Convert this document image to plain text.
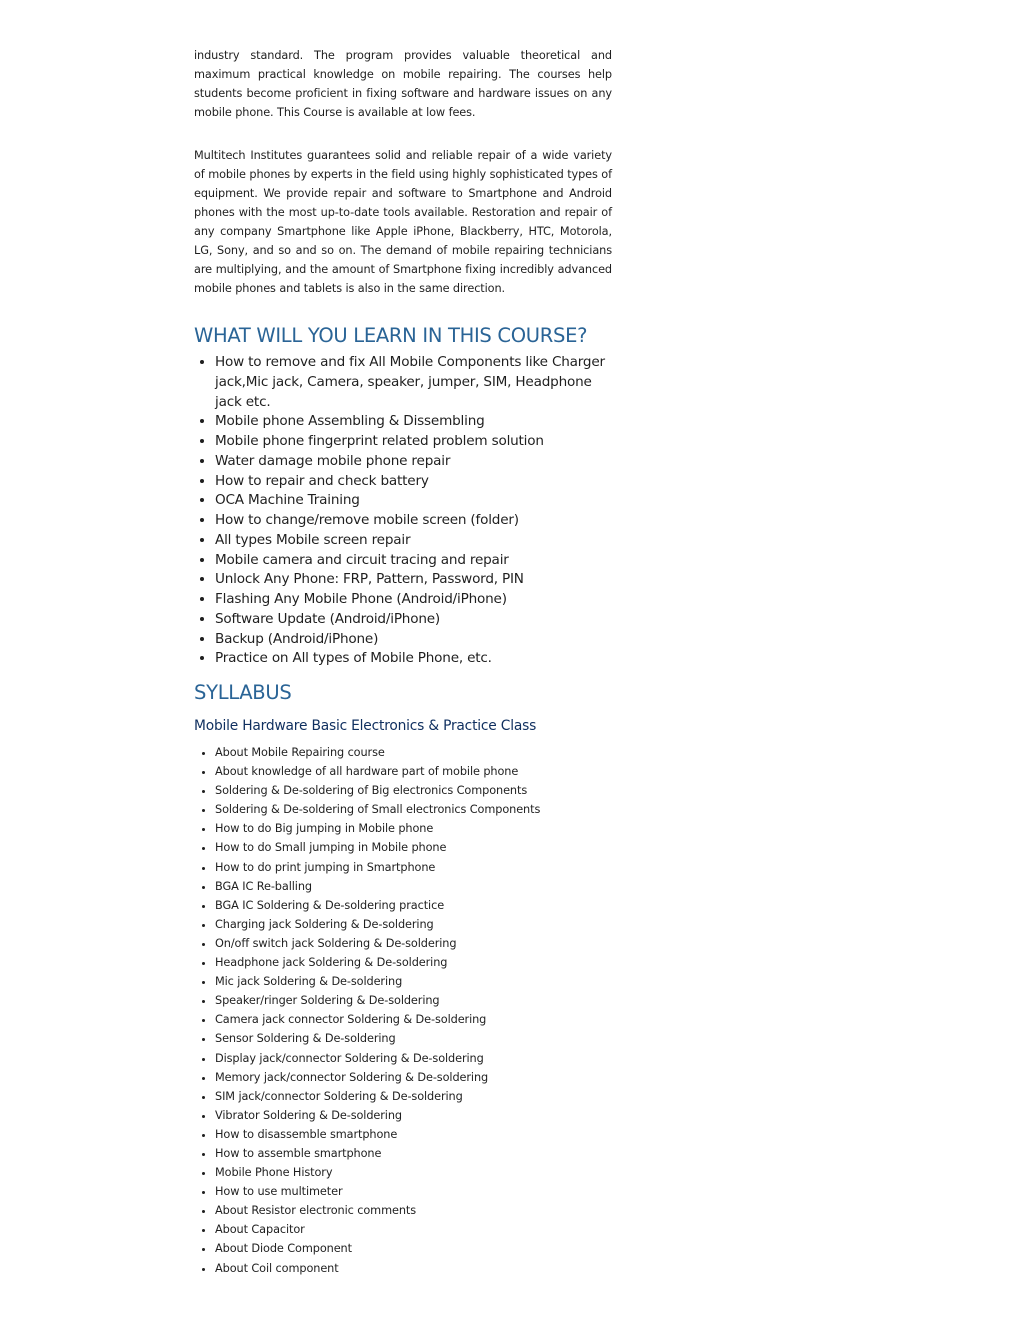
industry standard. The program provides valuable theoretical and maximum practical knowledge on mobile repairing. The courses help students become proficient in fixing software and hardware issues on any mobile phone. This Course is available at low fees.

Multitech Institutes guarantees solid and reliable repair of a wide variety of mobile phones by experts in the field using highly sophisticated types of equipment. We provide repair and software to Smartphone and Android phones with the most up-to-date tools available. Restoration and repair of any company Smartphone like Apple iPhone, Blackberry, HTC, Motorola, LG, Sony, and so and so on. The demand of mobile repairing technicians are multiplying, and the amount of Smartphone fixing incredibly advanced mobile phones and tablets is also in the same direction.

WHAT WILL YOU LEARN IN THIS COURSE?
• How to remove and fix All Mobile Components like Charger jack,Mic jack, Camera, speaker, jumper, SIM, Headphone jack etc.
• Mobile phone Assembling & Dissembling
• Mobile phone fingerprint related problem solution
• Water damage mobile phone repair
• How to repair and check battery
• OCA Machine Training
• How to change/remove mobile screen (folder)
• All types Mobile screen repair
• Mobile camera and circuit tracing and repair
• Unlock Any Phone: FRP, Pattern, Password, PIN
• Flashing Any Mobile Phone (Android/iPhone)
• Software Update (Android/iPhone)
• Backup (Android/iPhone)
• Practice on All types of Mobile Phone, etc.
SYLLABUS
Mobile Hardware Basic Electronics & Practice Class
• About Mobile Repairing course
• About knowledge of all hardware part of mobile phone
• Soldering & De-soldering of Big electronics Components
• Soldering & De-soldering of Small electronics Components
• How to do Big jumping in Mobile phone
• How to do Small jumping in Mobile phone
• How to do print jumping in Smartphone
• BGA IC Re-balling
• BGA IC Soldering & De-soldering practice
• Charging jack Soldering & De-soldering
• On/off switch jack Soldering & De-soldering
• Headphone jack Soldering & De-soldering
• Mic jack Soldering & De-soldering
• Speaker/ringer Soldering & De-soldering
• Camera jack connector Soldering & De-soldering
• Sensor Soldering & De-soldering
• Display jack/connector Soldering & De-soldering
• Memory jack/connector Soldering & De-soldering
• SIM jack/connector Soldering & De-soldering
• Vibrator Soldering & De-soldering
• How to disassemble smartphone
• How to assemble smartphone
• Mobile Phone History
• How to use multimeter
• About Resistor electronic comments
• About Capacitor
• About Diode Component
• About Coil component
